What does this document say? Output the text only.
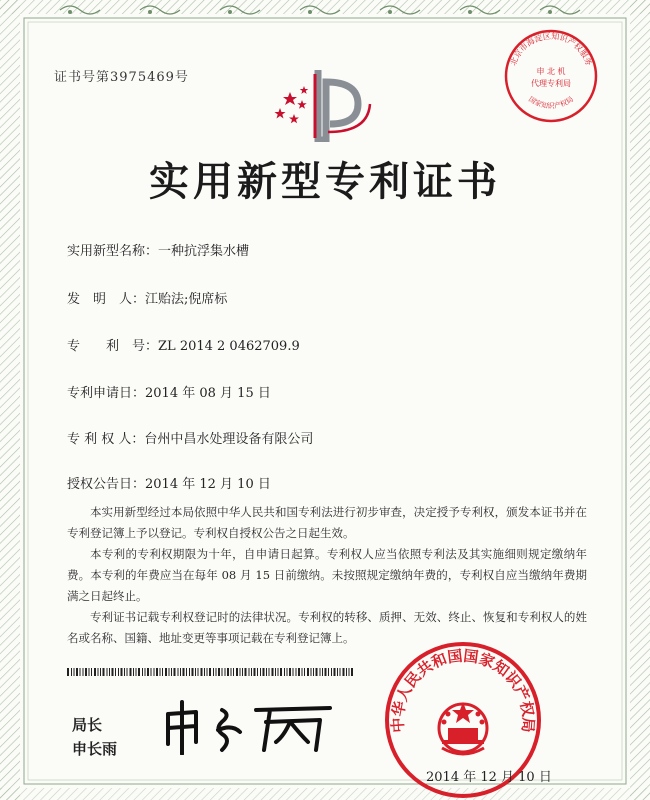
证书号第3975469号
实用新型专利证书
实用新型名称：一种抗浮集水槽
发　明　人：江贻法;倪席标
专　　利　号：ZL 2014 2 0462709.9
专利申请日：2014 年 08 月 15 日
专 利 权 人：台州中昌水处理设备有限公司
授权公告日：2014 年 12 月 10 日

本实用新型经过本局依照中华人民共和国专利法进行初步审查，决定授予专利权，颁发本证书并在专利登记簿上予以登记。专利权自授权公告之日起生效。

本专利的专利权期限为十年，自申请日起算。专利权人应当依照专利法及其实施细则规定缴纳年费。本专利的年费应当在每年 08 月 15 日前缴纳。未按照规定缴纳年费的，专利权自应当缴纳年费期满之日起终止。

专利证书记载专利权登记时的法律状况。专利权的转移、质押、无效、终止、恢复和专利权人的姓名或名称、国籍、地址变更等事项记载在专利登记簿上。

局长
申长雨
北京市海淀区知识产权服务
申 北 机
代理专利局
国家知识产权局
中华人民共和国国家知识产权局
2014 年 12 月 10 日
